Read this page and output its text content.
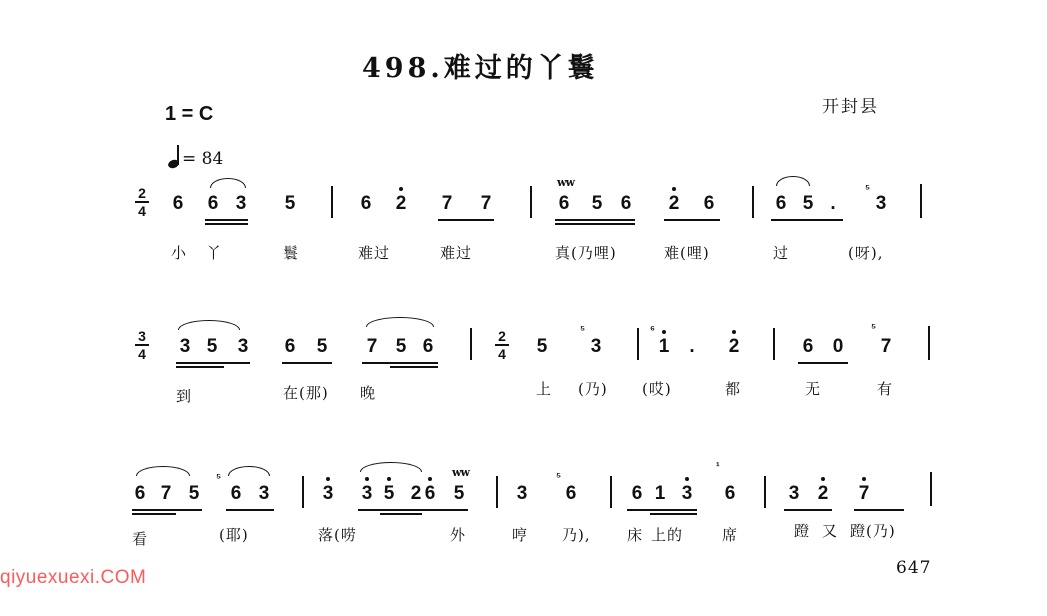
498.难过的丫鬟
开封县
1 = C
= 84
2
4 6 6 3 5	6 2 7 7
ww
6 5 6 2 6	6 5 .
⁵
3
小 丫	鬟	难过	难过	真(乃哩)	难(哩)	过	(呀),
3
4 3 5 3 6 5 7 5 6	2
4 5
⁵
3
⁶
1 . 2	6 0
⁵
7
到	在(那) 晚	上 (乃) (哎)	都	无	有
6 7 5
⁵
6 3	3 3 5 2 6
ww
5	3
⁵
6	6 1 3
¹
6	3 2 7
看	(耶)	落(唠	外	哼 乃), 床 上的	席	蹬 又 蹬(乃)
647
qiyuexuexi.COM
